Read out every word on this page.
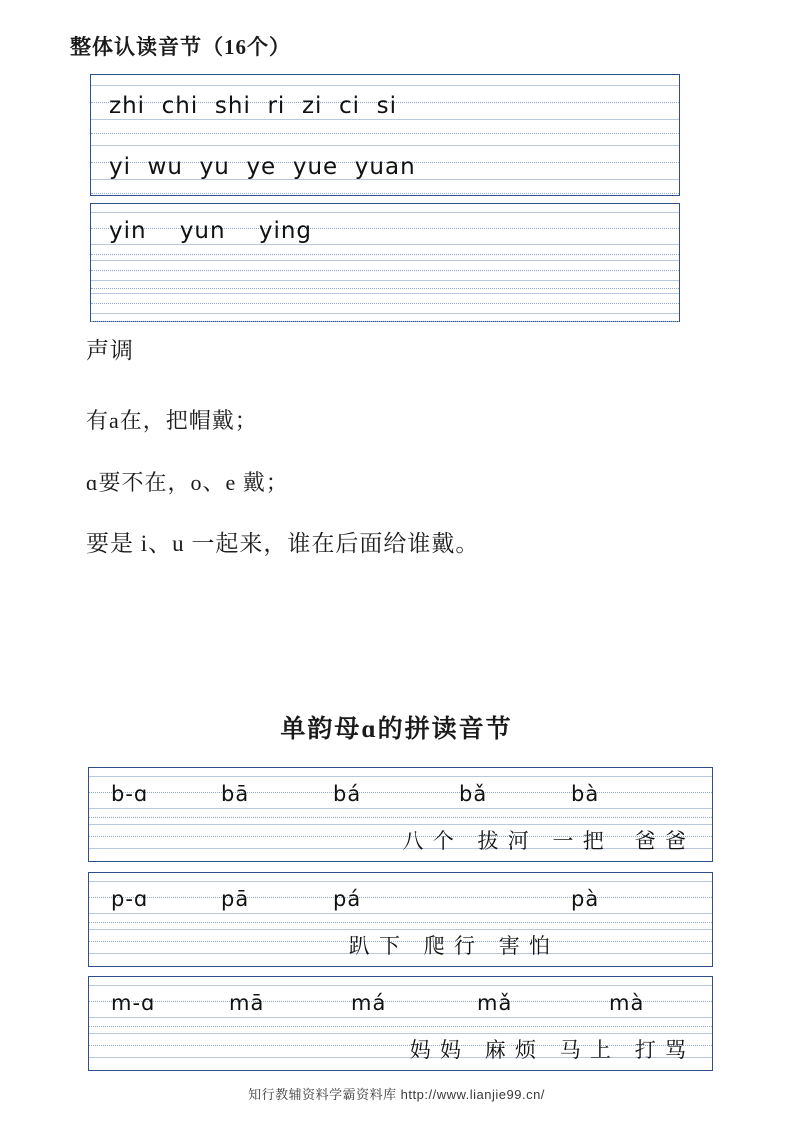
整体认读音节（16个）
zhi  chi  shi  ri  zi  ci  si
yi  wu  yu  ye  yue  yuan
yin    yun    ying
声调
有a在，把帽戴；
ɑ要不在，o、e 戴；
要是 i、u 一起来，谁在后面给谁戴。
单韵母ɑ的拼读音节
b-ɑ	bā	bá	bǎ	bà
八 个   拔 河   一 把    爸 爸
p-ɑ	pā	pá	pà
趴 下   爬 行   害 怕
m-ɑ	mā	má	mǎ	mà
妈 妈   麻 烦   马 上   打 骂
知行教辅资料学霸资料库 http://www.lianjie99.cn/
